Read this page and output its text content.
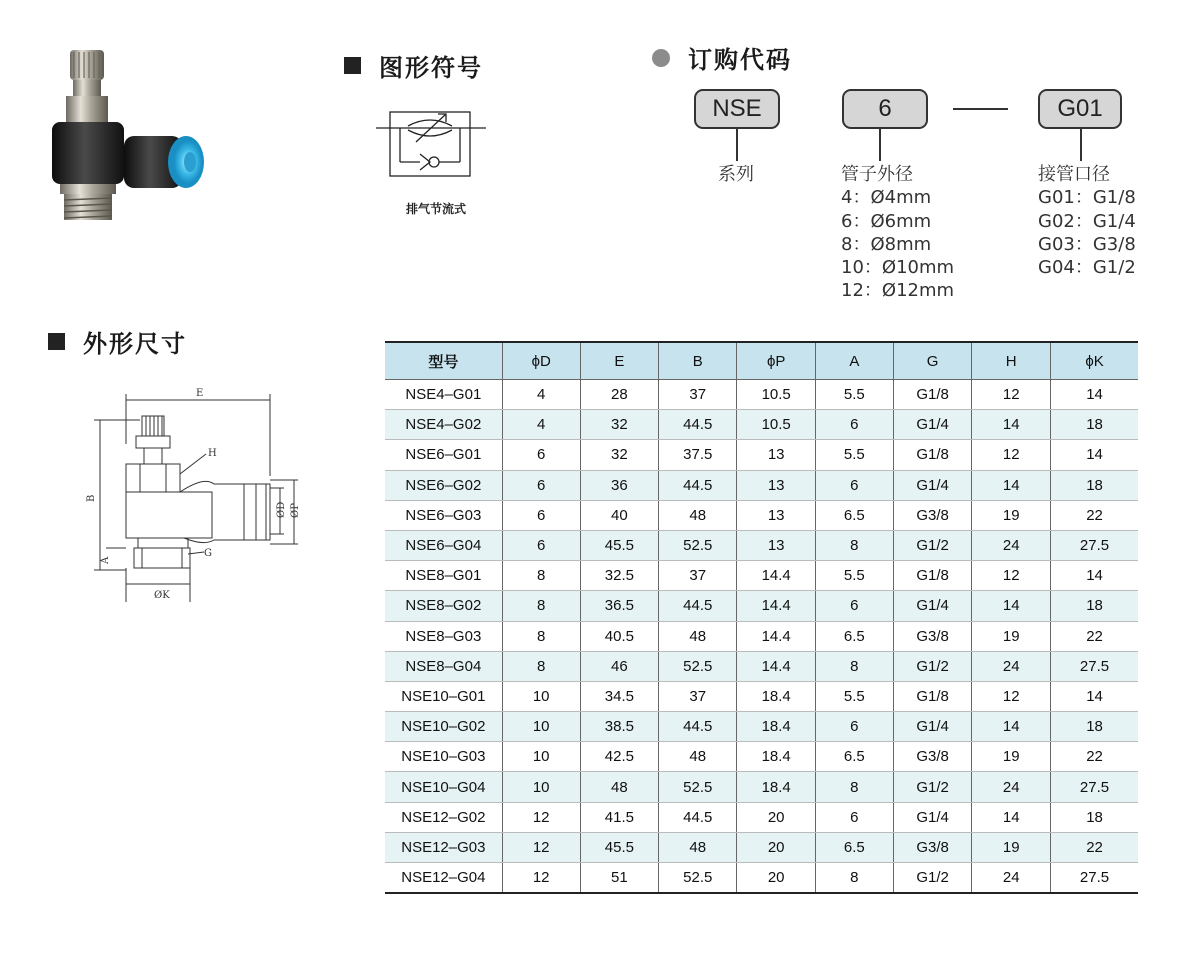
图形符号
排气节流式
订购代码
NSE	6	G01
系列	管子外径
4：Ø4mm
6：Ø6mm
8：Ø8mm
10：Ø10mm
12：Ø12mm
接管口径
G01：G1/8
G02：G1/4
G03：G3/8
G04：G1/2
外形尺寸
E
B
H
ØD ØP
A
G
ØK
型号	ϕD	E	B	ϕP	A	G	H	ϕK
NSE4–G01	4	28	37	10.5	5.5	G1/8	12	14
NSE4–G02	4	32	44.5	10.5	6	G1/4	14	18
NSE6–G01	6	32	37.5	13	5.5	G1/8	12	14
NSE6–G02	6	36	44.5	13	6	G1/4	14	18
NSE6–G03	6	40	48	13	6.5	G3/8	19	22
NSE6–G04	6	45.5	52.5	13	8	G1/2	24	27.5
NSE8–G01	8	32.5	37	14.4	5.5	G1/8	12	14
NSE8–G02	8	36.5	44.5	14.4	6	G1/4	14	18
NSE8–G03	8	40.5	48	14.4	6.5	G3/8	19	22
NSE8–G04	8	46	52.5	14.4	8	G1/2	24	27.5
NSE10–G01	10	34.5	37	18.4	5.5	G1/8	12	14
NSE10–G02	10	38.5	44.5	18.4	6	G1/4	14	18
NSE10–G03	10	42.5	48	18.4	6.5	G3/8	19	22
NSE10–G04	10	48	52.5	18.4	8	G1/2	24	27.5
NSE12–G02	12	41.5	44.5	20	6	G1/4	14	18
NSE12–G03	12	45.5	48	20	6.5	G3/8	19	22
NSE12–G04	12	51	52.5	20	8	G1/2	24	27.5
